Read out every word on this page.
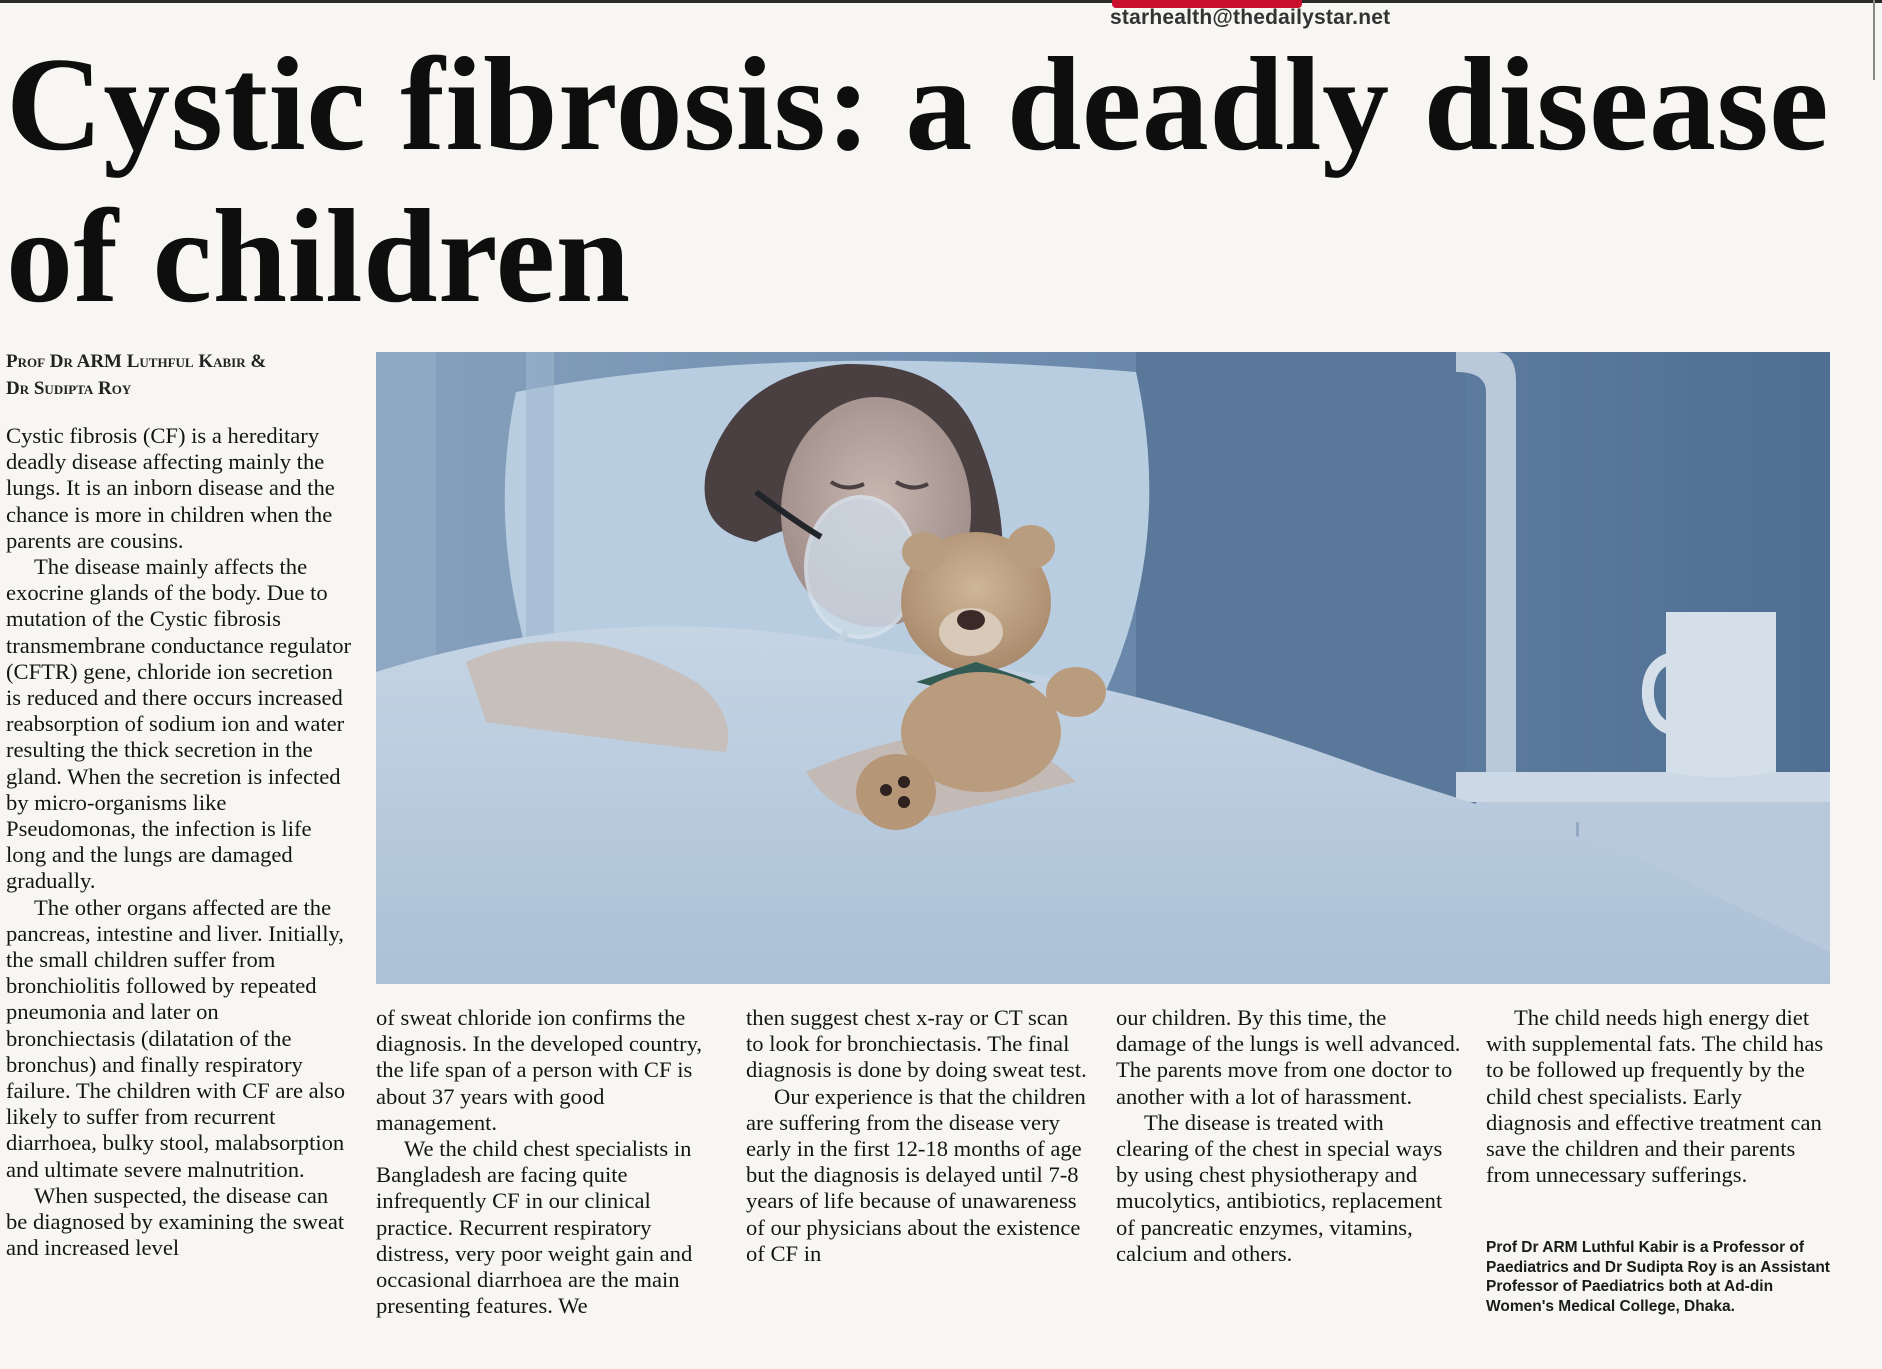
starhealth@thedailystar.net
Cystic fibrosis: a deadly disease of children
Prof Dr ARM Luthful Kabir &
Dr Sudipta Roy

Cystic fibrosis (CF) is a hereditary deadly disease affecting mainly the lungs. It is an inborn disease and the chance is more in children when the parents are cousins.

The disease mainly affects the exocrine glands of the body. Due to mutation of the Cystic fibrosis transmembrane conductance regulator (CFTR) gene, chloride ion secretion is reduced and there occurs increased reabsorption of sodium ion and water resulting the thick secretion in the gland. When the secretion is infected by micro-organisms like Pseudomonas, the infection is life long and the lungs are damaged gradually.

The other organs affected are the pancreas, intestine and liver. Initially, the small children suffer from bronchiolitis followed by repeated pneumonia and later on bronchiectasis (dilatation of the bronchus) and finally respiratory failure. The children with CF are also likely to suffer from recurrent diarrhoea, bulky stool, malabsorption and ultimate severe malnutrition.

When suspected, the disease can be diagnosed by examining the sweat and increased level

of sweat chloride ion confirms the diagnosis. In the developed country, the life span of a person with CF is about 37 years with good management.

We the child chest specialists in Bangladesh are facing quite infrequently CF in our clinical practice. Recurrent respiratory distress, very poor weight gain and occasional diarrhoea are the main presenting features. We

then suggest chest x-ray or CT scan to look for bronchiectasis. The final diagnosis is done by doing sweat test.

Our experience is that the children are suffering from the disease very early in the first 12-18 months of age but the diagnosis is delayed until 7-8 years of life because of unawareness of our physicians about the existence of CF in

our children. By this time, the damage of the lungs is well advanced. The parents move from one doctor to another with a lot of harassment.

The disease is treated with clearing of the chest in special ways by using chest physiotherapy and mucolytics, antibiotics, replacement of pancreatic enzymes, vitamins, calcium and others.

The child needs high energy diet with supplemental fats. The child has to be followed up frequently by the child chest specialists. Early diagnosis and effective treatment can save the children and their parents from unnecessary sufferings.

Prof Dr ARM Luthful Kabir is a Professor of Paediatrics and Dr Sudipta Roy is an Assistant Professor of Paediatrics both at Ad-din Women's Medical College, Dhaka.
